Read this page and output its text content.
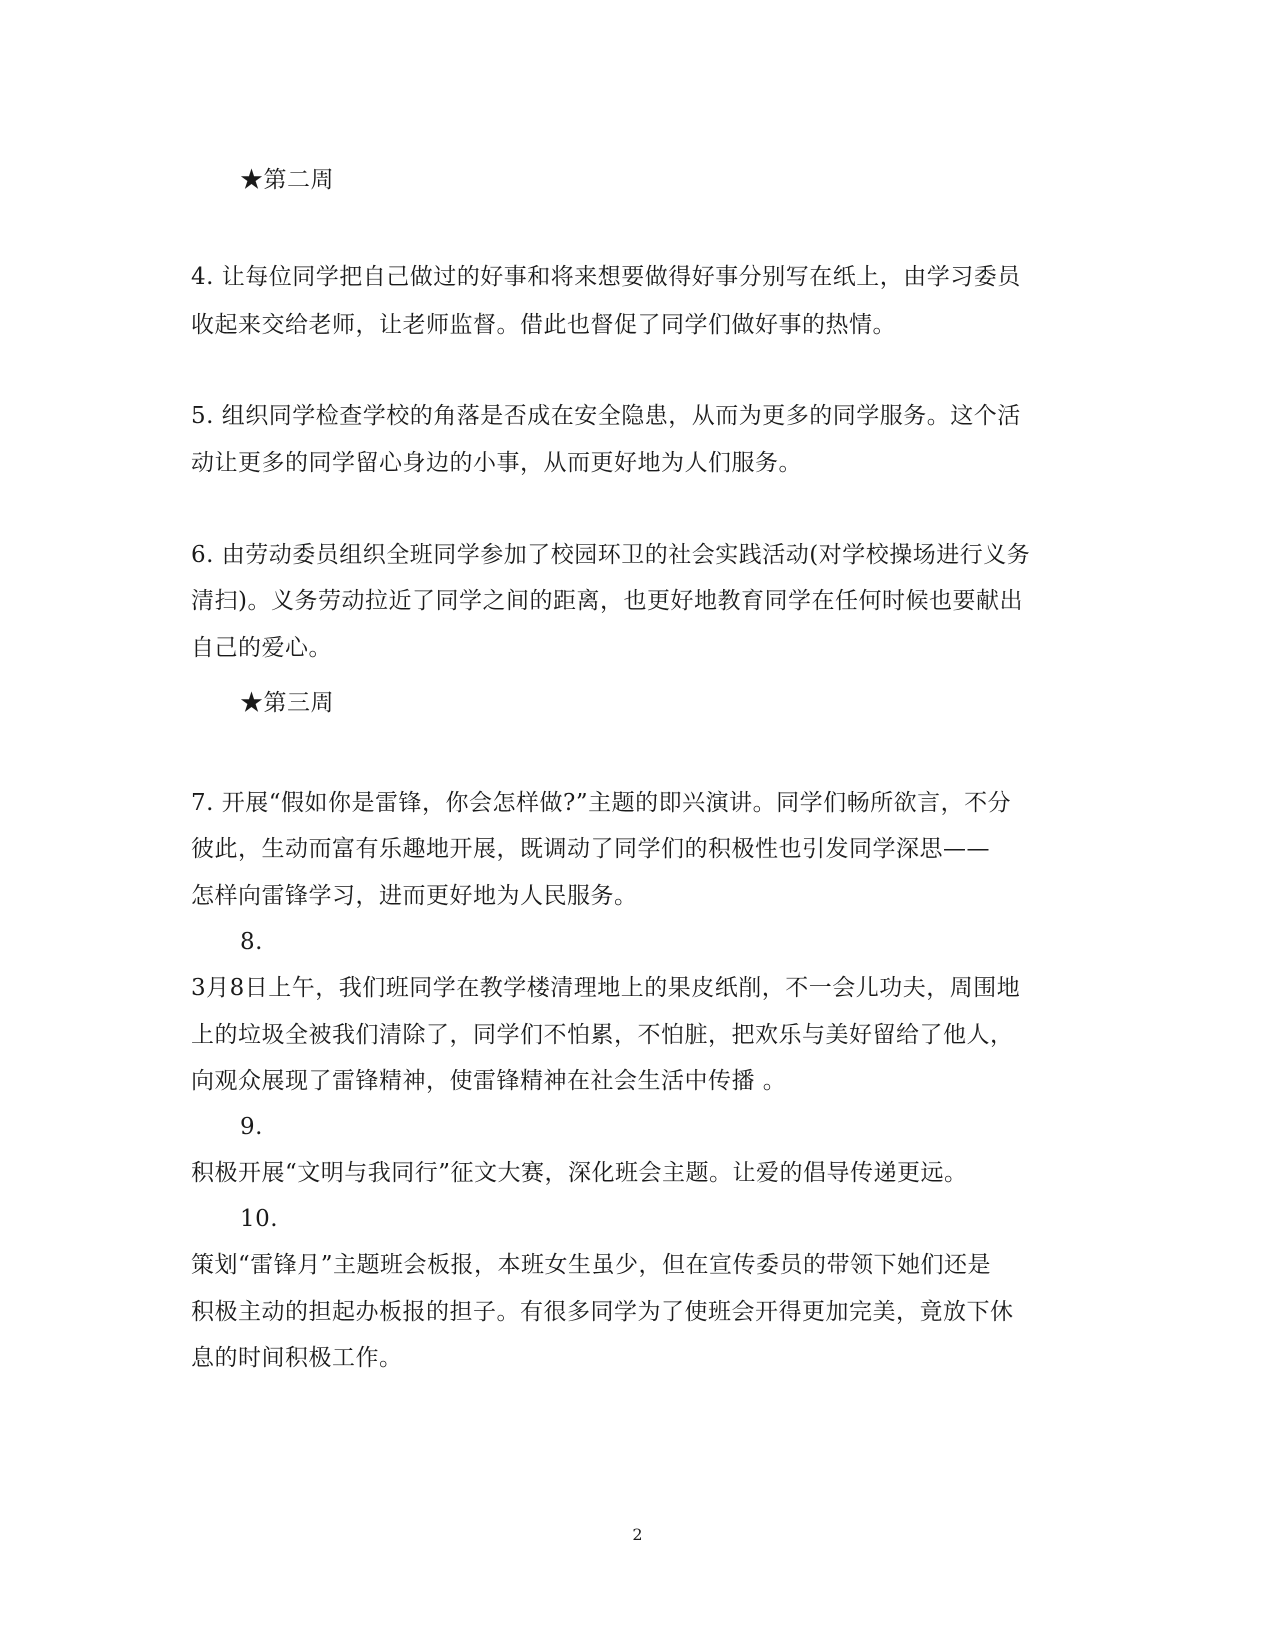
★第二周
4. 让每位同学把自己做过的好事和将来想要做得好事分别写在纸上，由学习委员
收起来交给老师，让老师监督。借此也督促了同学们做好事的热情。
5. 组织同学检查学校的角落是否成在安全隐患，从而为更多的同学服务。这个活
动让更多的同学留心身边的小事，从而更好地为人们服务。
6. 由劳动委员组织全班同学参加了校园环卫的社会实践活动(对学校操场进行义务
清扫)。义务劳动拉近了同学之间的距离，也更好地教育同学在任何时候也要献出
自己的爱心。
★第三周
7. 开展“假如你是雷锋，你会怎样做?”主题的即兴演讲。同学们畅所欲言，不分
彼此，生动而富有乐趣地开展，既调动了同学们的积极性也引发同学深思——
怎样向雷锋学习，进而更好地为人民服务。
8.
3月8日上午，我们班同学在教学楼清理地上的果皮纸削，不一会儿功夫，周围地
上的垃圾全被我们清除了，同学们不怕累，不怕脏，把欢乐与美好留给了他人，
向观众展现了雷锋精神，使雷锋精神在社会生活中传播 。
9.
积极开展“文明与我同行”征文大赛，深化班会主题。让爱的倡导传递更远。
10.
策划“雷锋月”主题班会板报，本班女生虽少，但在宣传委员的带领下她们还是
积极主动的担起办板报的担子。有很多同学为了使班会开得更加完美，竟放下休
息的时间积极工作。
2
